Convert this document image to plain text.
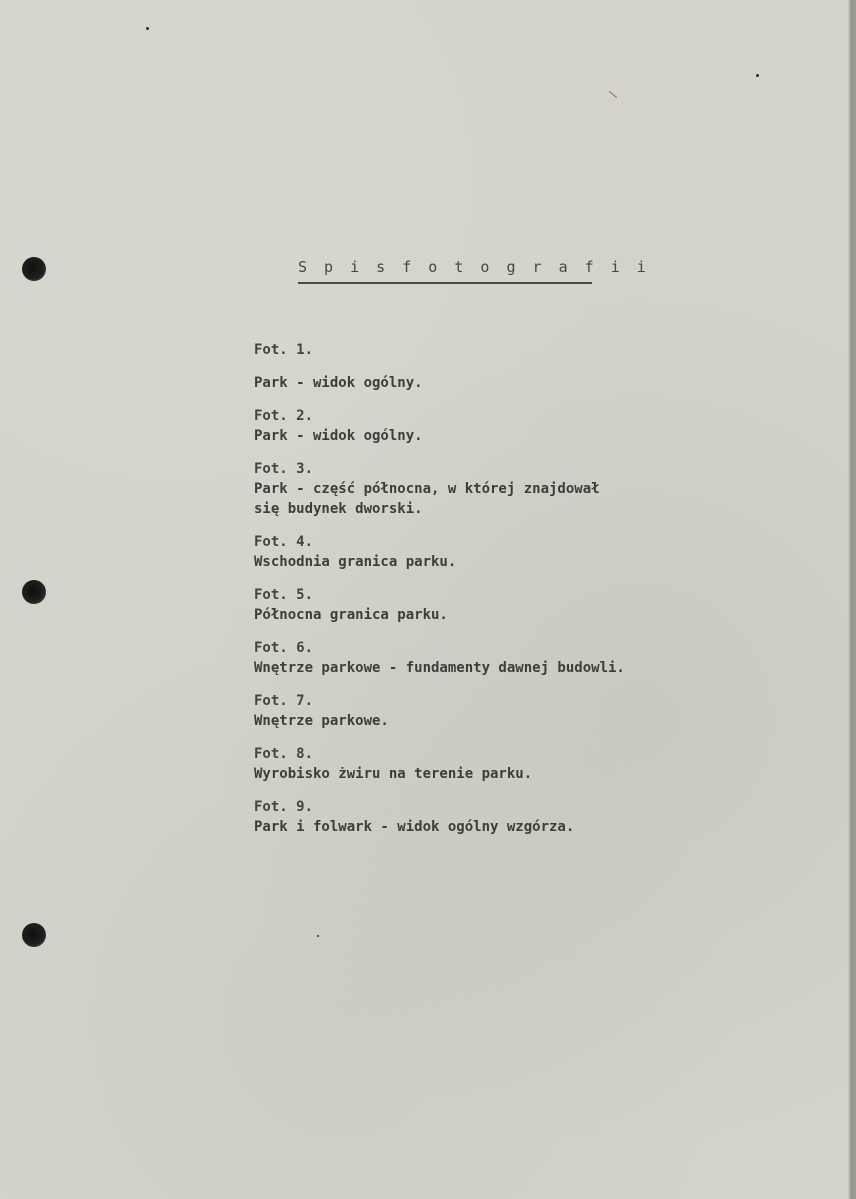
S p i s f o t o g r a f i i
Fot. 1.
Park - widok ogólny.
Fot. 2.
Park - widok ogólny.
Fot. 3.
Park - część północna, w której znajdował
się budynek dworski.
Fot. 4.
Wschodnia granica parku.
Fot. 5.
Północna granica parku.
Fot. 6.
Wnętrze parkowe - fundamenty dawnej budowli.
Fot. 7.
Wnętrze parkowe.
Fot. 8.
Wyrobisko żwiru na terenie parku.
Fot. 9.
Park i folwark - widok ogólny wzgórza.
